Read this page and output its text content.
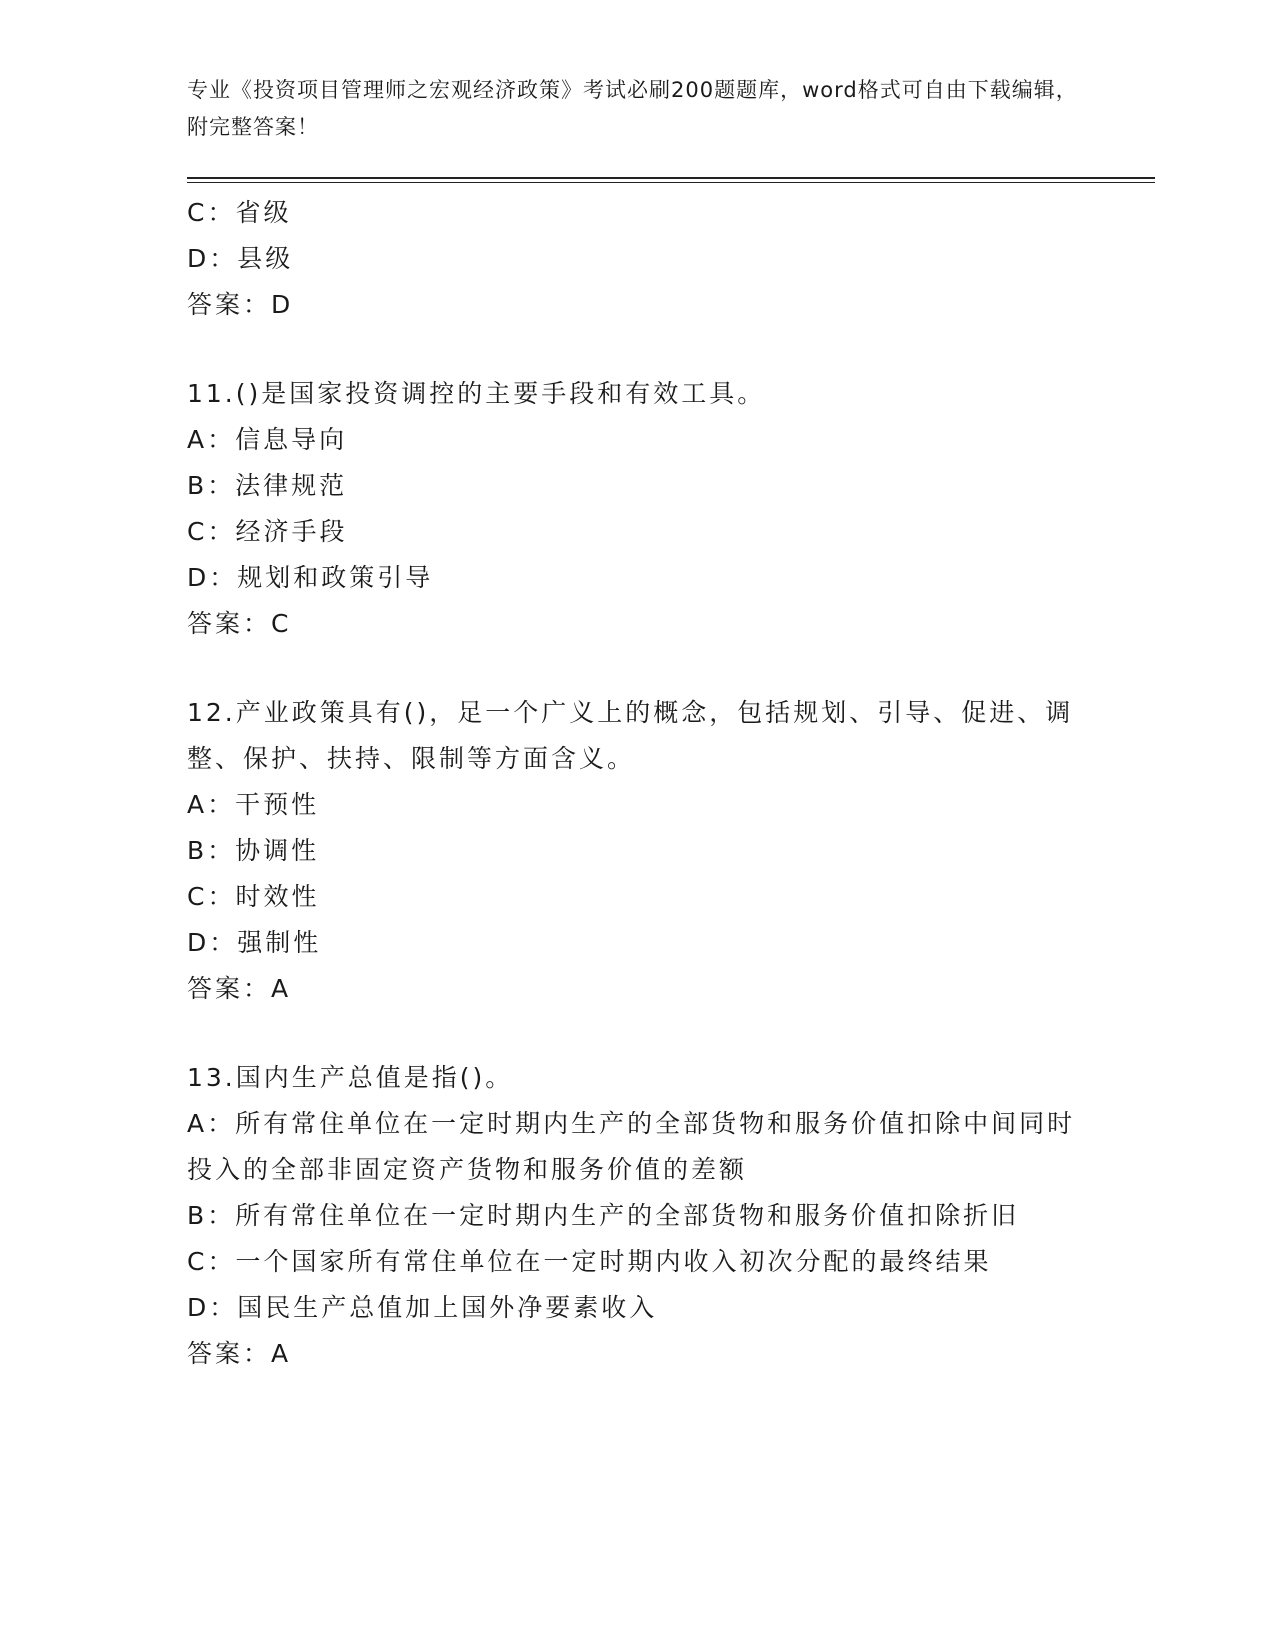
专业《投资项目管理师之宏观经济政策》考试必刷200题题库，word格式可自由下载编辑，附完整答案！
C：省级
D：县级
答案：D
11.()是国家投资调控的主要手段和有效工具。
A：信息导向
B：法律规范
C：经济手段
D：规划和政策引导
答案：C
12.产业政策具有()，足一个广义上的概念，包括规划、引导、促进、调整、保护、扶持、限制等方面含义。
A：干预性
B：协调性
C：时效性
D：强制性
答案：A
13.国内生产总值是指()。
A：所有常住单位在一定时期内生产的全部货物和服务价值扣除中间同时投入的全部非固定资产货物和服务价值的差额
B：所有常住单位在一定时期内生产的全部货物和服务价值扣除折旧
C：一个国家所有常住单位在一定时期内收入初次分配的最终结果
D：国民生产总值加上国外净要素收入
答案：A
